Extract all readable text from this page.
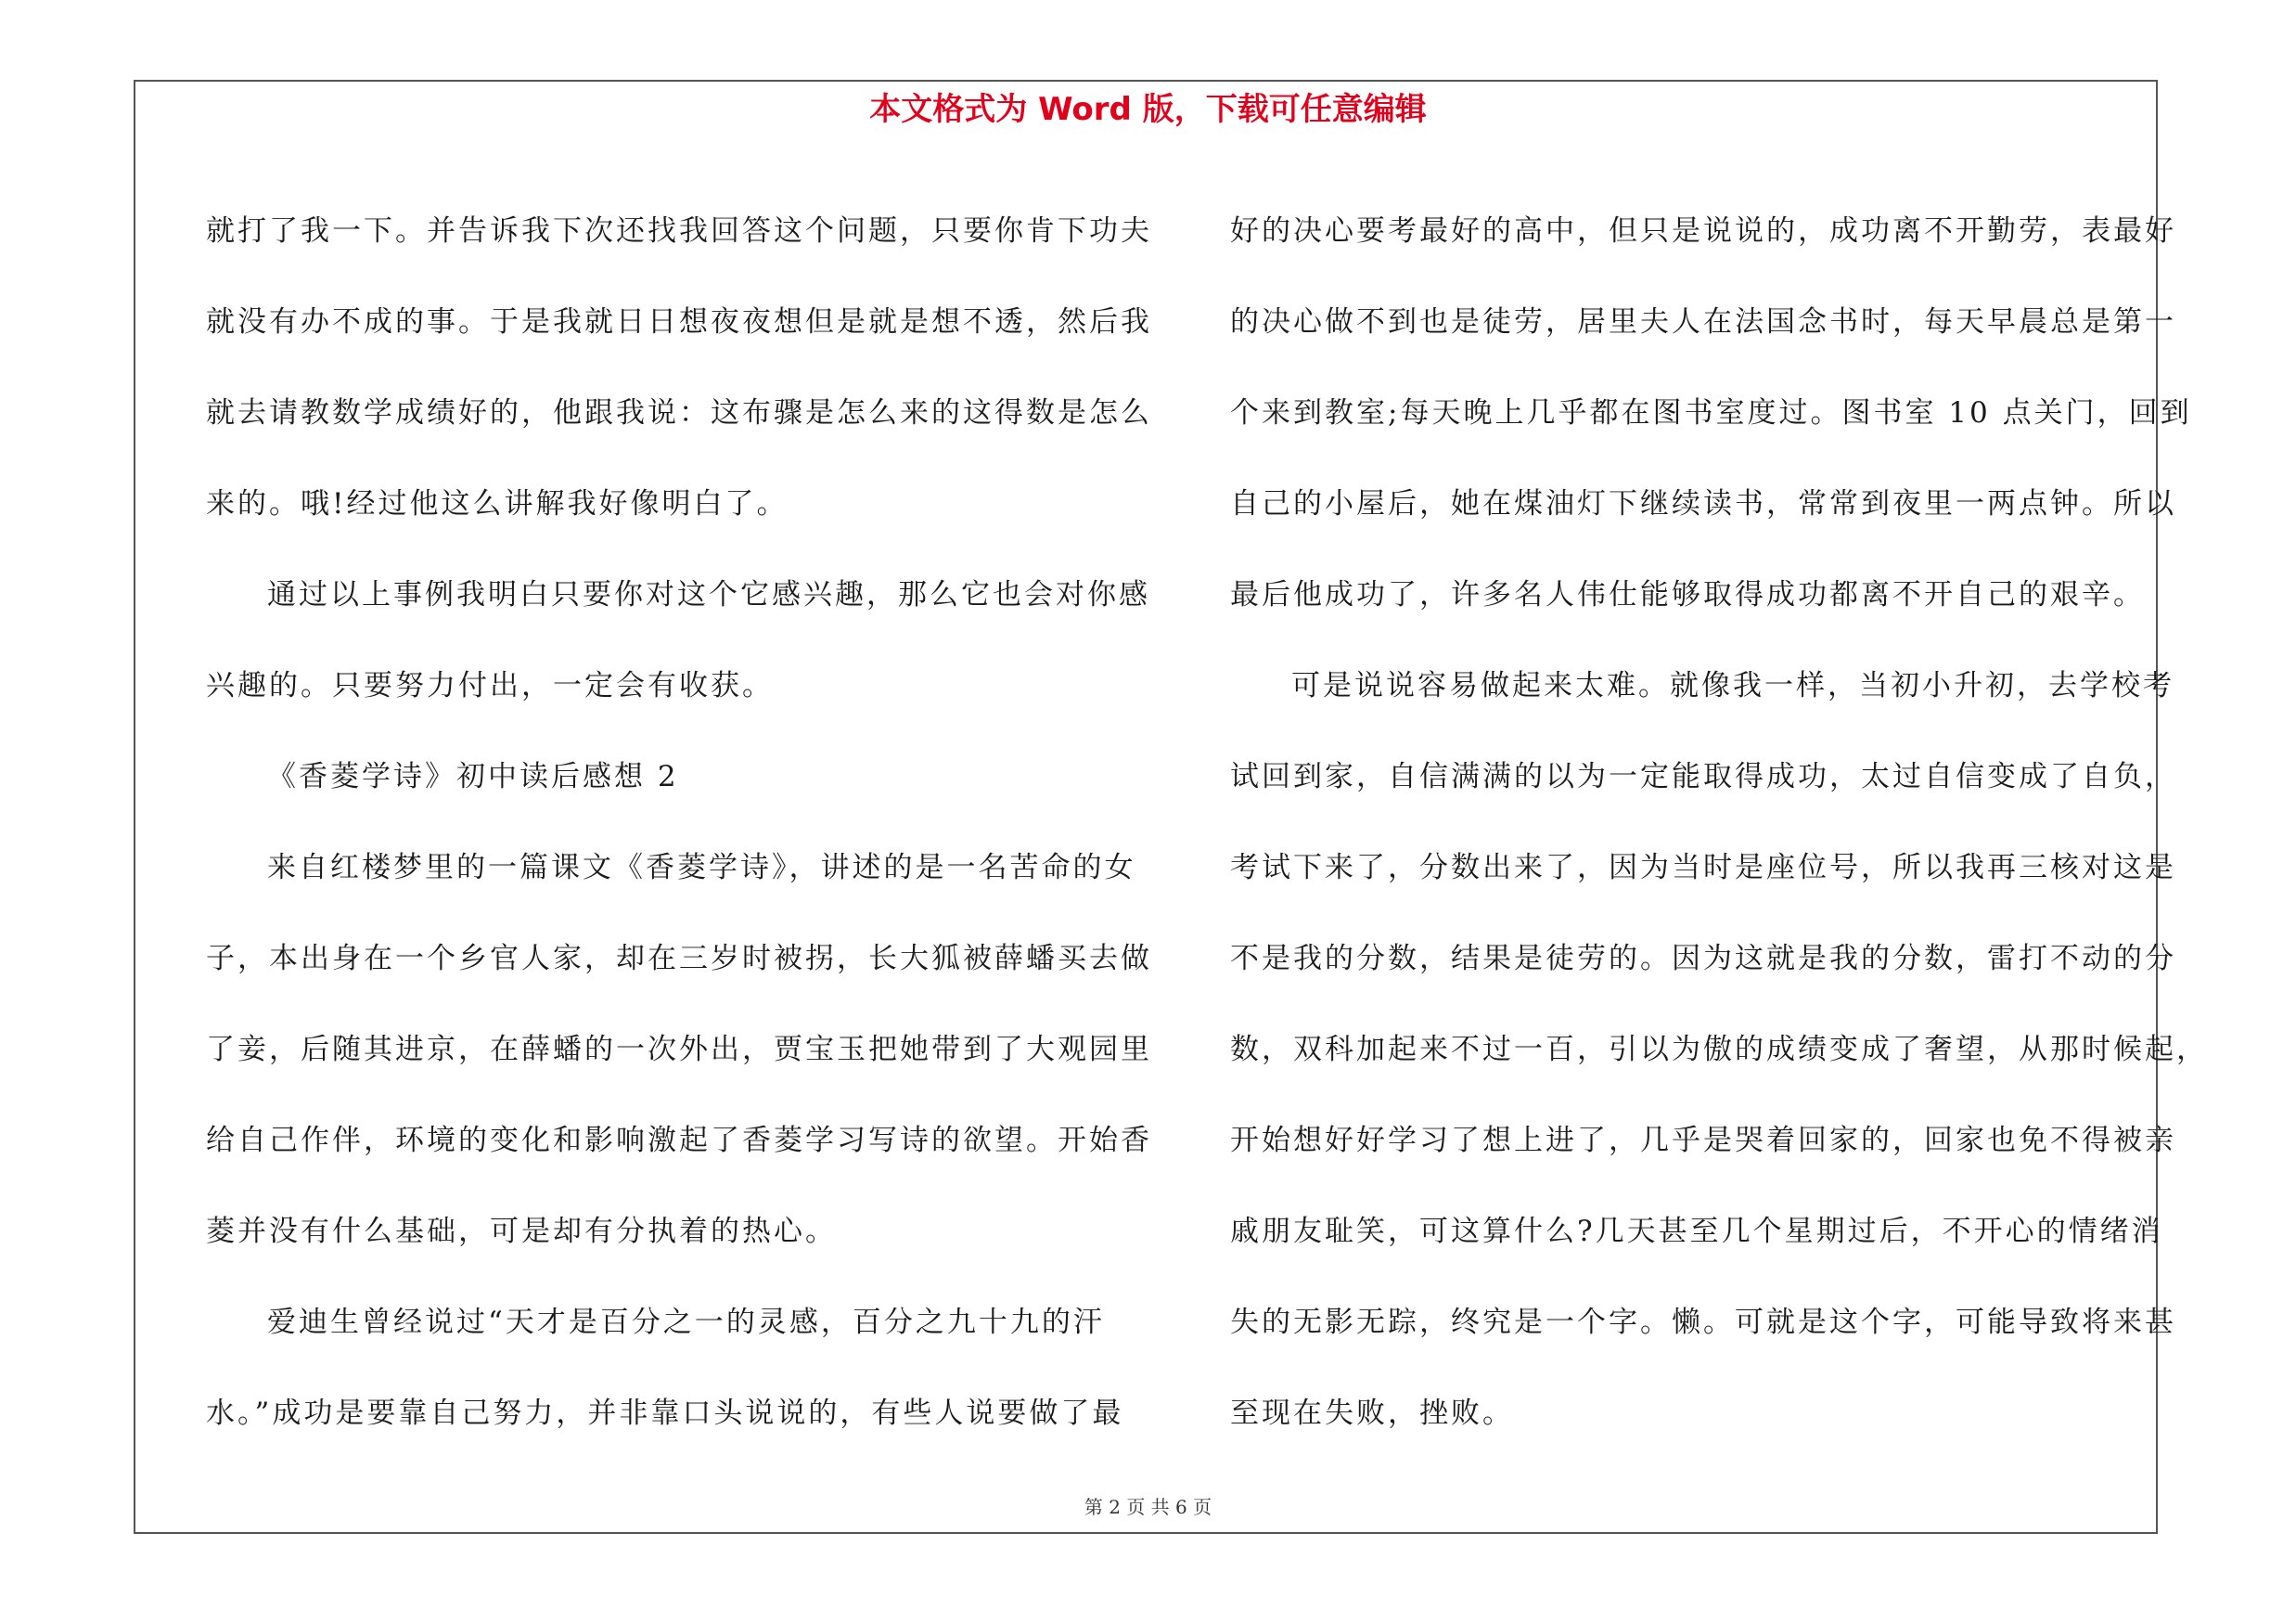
本文格式为 Word 版，下载可任意编辑
就打了我一下。并告诉我下次还找我回答这个问题，只要你肯下功夫
就没有办不成的事。于是我就日日想夜夜想但是就是想不透，然后我
就去请教数学成绩好的，他跟我说：这布骤是怎么来的这得数是怎么
来的。哦!经过他这么讲解我好像明白了。
通过以上事例我明白只要你对这个它感兴趣，那么它也会对你感
兴趣的。只要努力付出，一定会有收获。
《香菱学诗》初中读后感想 2
来自红楼梦里的一篇课文《香菱学诗》，讲述的是一名苦命的女
子，本出身在一个乡官人家，却在三岁时被拐，长大狐被薛蟠买去做
了妾，后随其进京，在薛蟠的一次外出，贾宝玉把她带到了大观园里
给自己作伴，环境的变化和影响激起了香菱学习写诗的欲望。开始香
菱并没有什么基础，可是却有分执着的热心。
爱迪生曾经说过“天才是百分之一的灵感，百分之九十九的汗
水。”成功是要靠自己努力，并非靠口头说说的，有些人说要做了最
好的决心要考最好的高中，但只是说说的，成功离不开勤劳，表最好
的决心做不到也是徒劳，居里夫人在法国念书时，每天早晨总是第一
个来到教室;每天晚上几乎都在图书室度过。图书室 10 点关门，回到
自己的小屋后，她在煤油灯下继续读书，常常到夜里一两点钟。所以
最后他成功了，许多名人伟仕能够取得成功都离不开自己的艰辛。
可是说说容易做起来太难。就像我一样，当初小升初，去学校考
试回到家，自信满满的以为一定能取得成功，太过自信变成了自负，
考试下来了，分数出来了，因为当时是座位号，所以我再三核对这是
不是我的分数，结果是徒劳的。因为这就是我的分数，雷打不动的分
数，双科加起来不过一百，引以为傲的成绩变成了奢望，从那时候起，
开始想好好学习了想上进了，几乎是哭着回家的，回家也免不得被亲
戚朋友耻笑，可这算什么?几天甚至几个星期过后，不开心的情绪消
失的无影无踪，终究是一个字。懒。可就是这个字，可能导致将来甚
至现在失败，挫败。
第 2 页 共 6 页
